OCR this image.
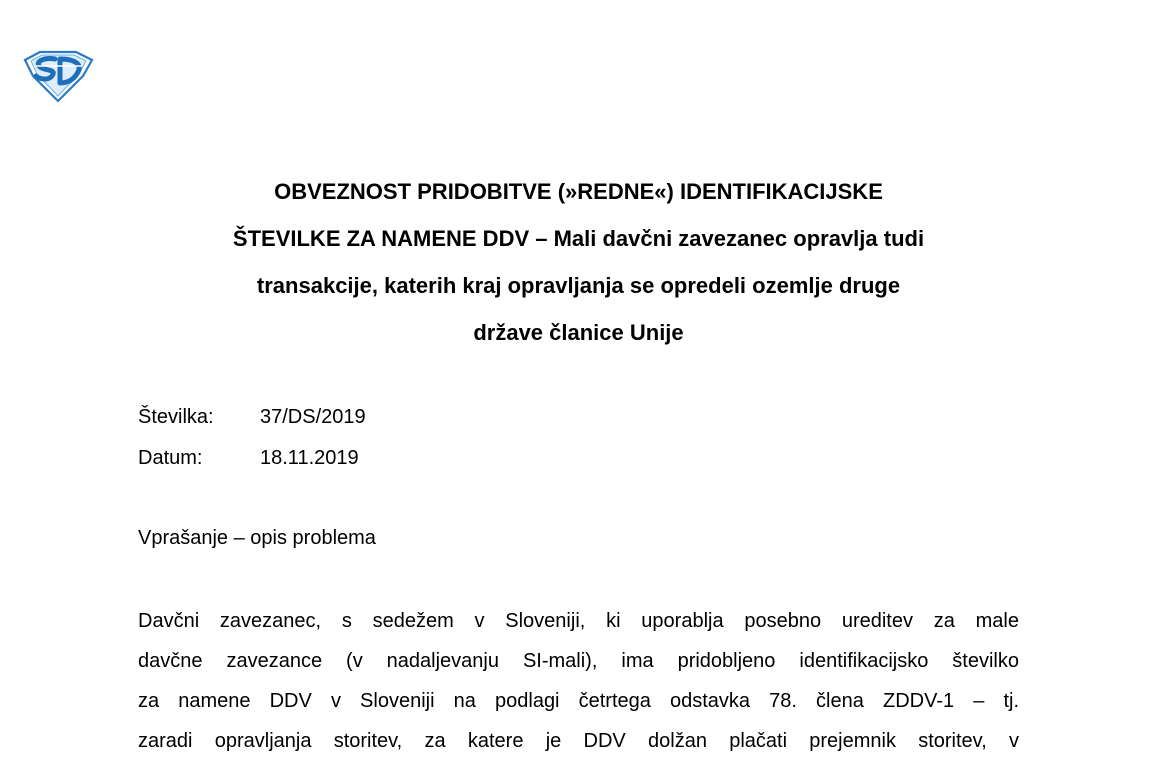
OBVEZNOST PRIDOBITVE (»REDNE«) IDENTIFIKACIJSKE
ŠTEVILKE ZA NAMENE DDV – Mali davčni zavezanec opravlja tudi
transakcije, katerih kraj opravljanja se opredeli ozemlje druge
države članice Unije
Številka: 37/DS/2019
Datum:	18.11.2019
Vprašanje – opis problema
Davčni zavezanec, s sedežem v Sloveniji, ki uporablja posebno ureditev za male
davčne zavezance (v nadaljevanju SI-mali), ima pridobljeno identifikacijsko številko
za namene DDV v Sloveniji na podlagi četrtega odstavka 78. člena ZDDV-1 – tj.
zaradi opravljanja storitev, za katere je DDV dolžan plačati prejemnik storitev, v
